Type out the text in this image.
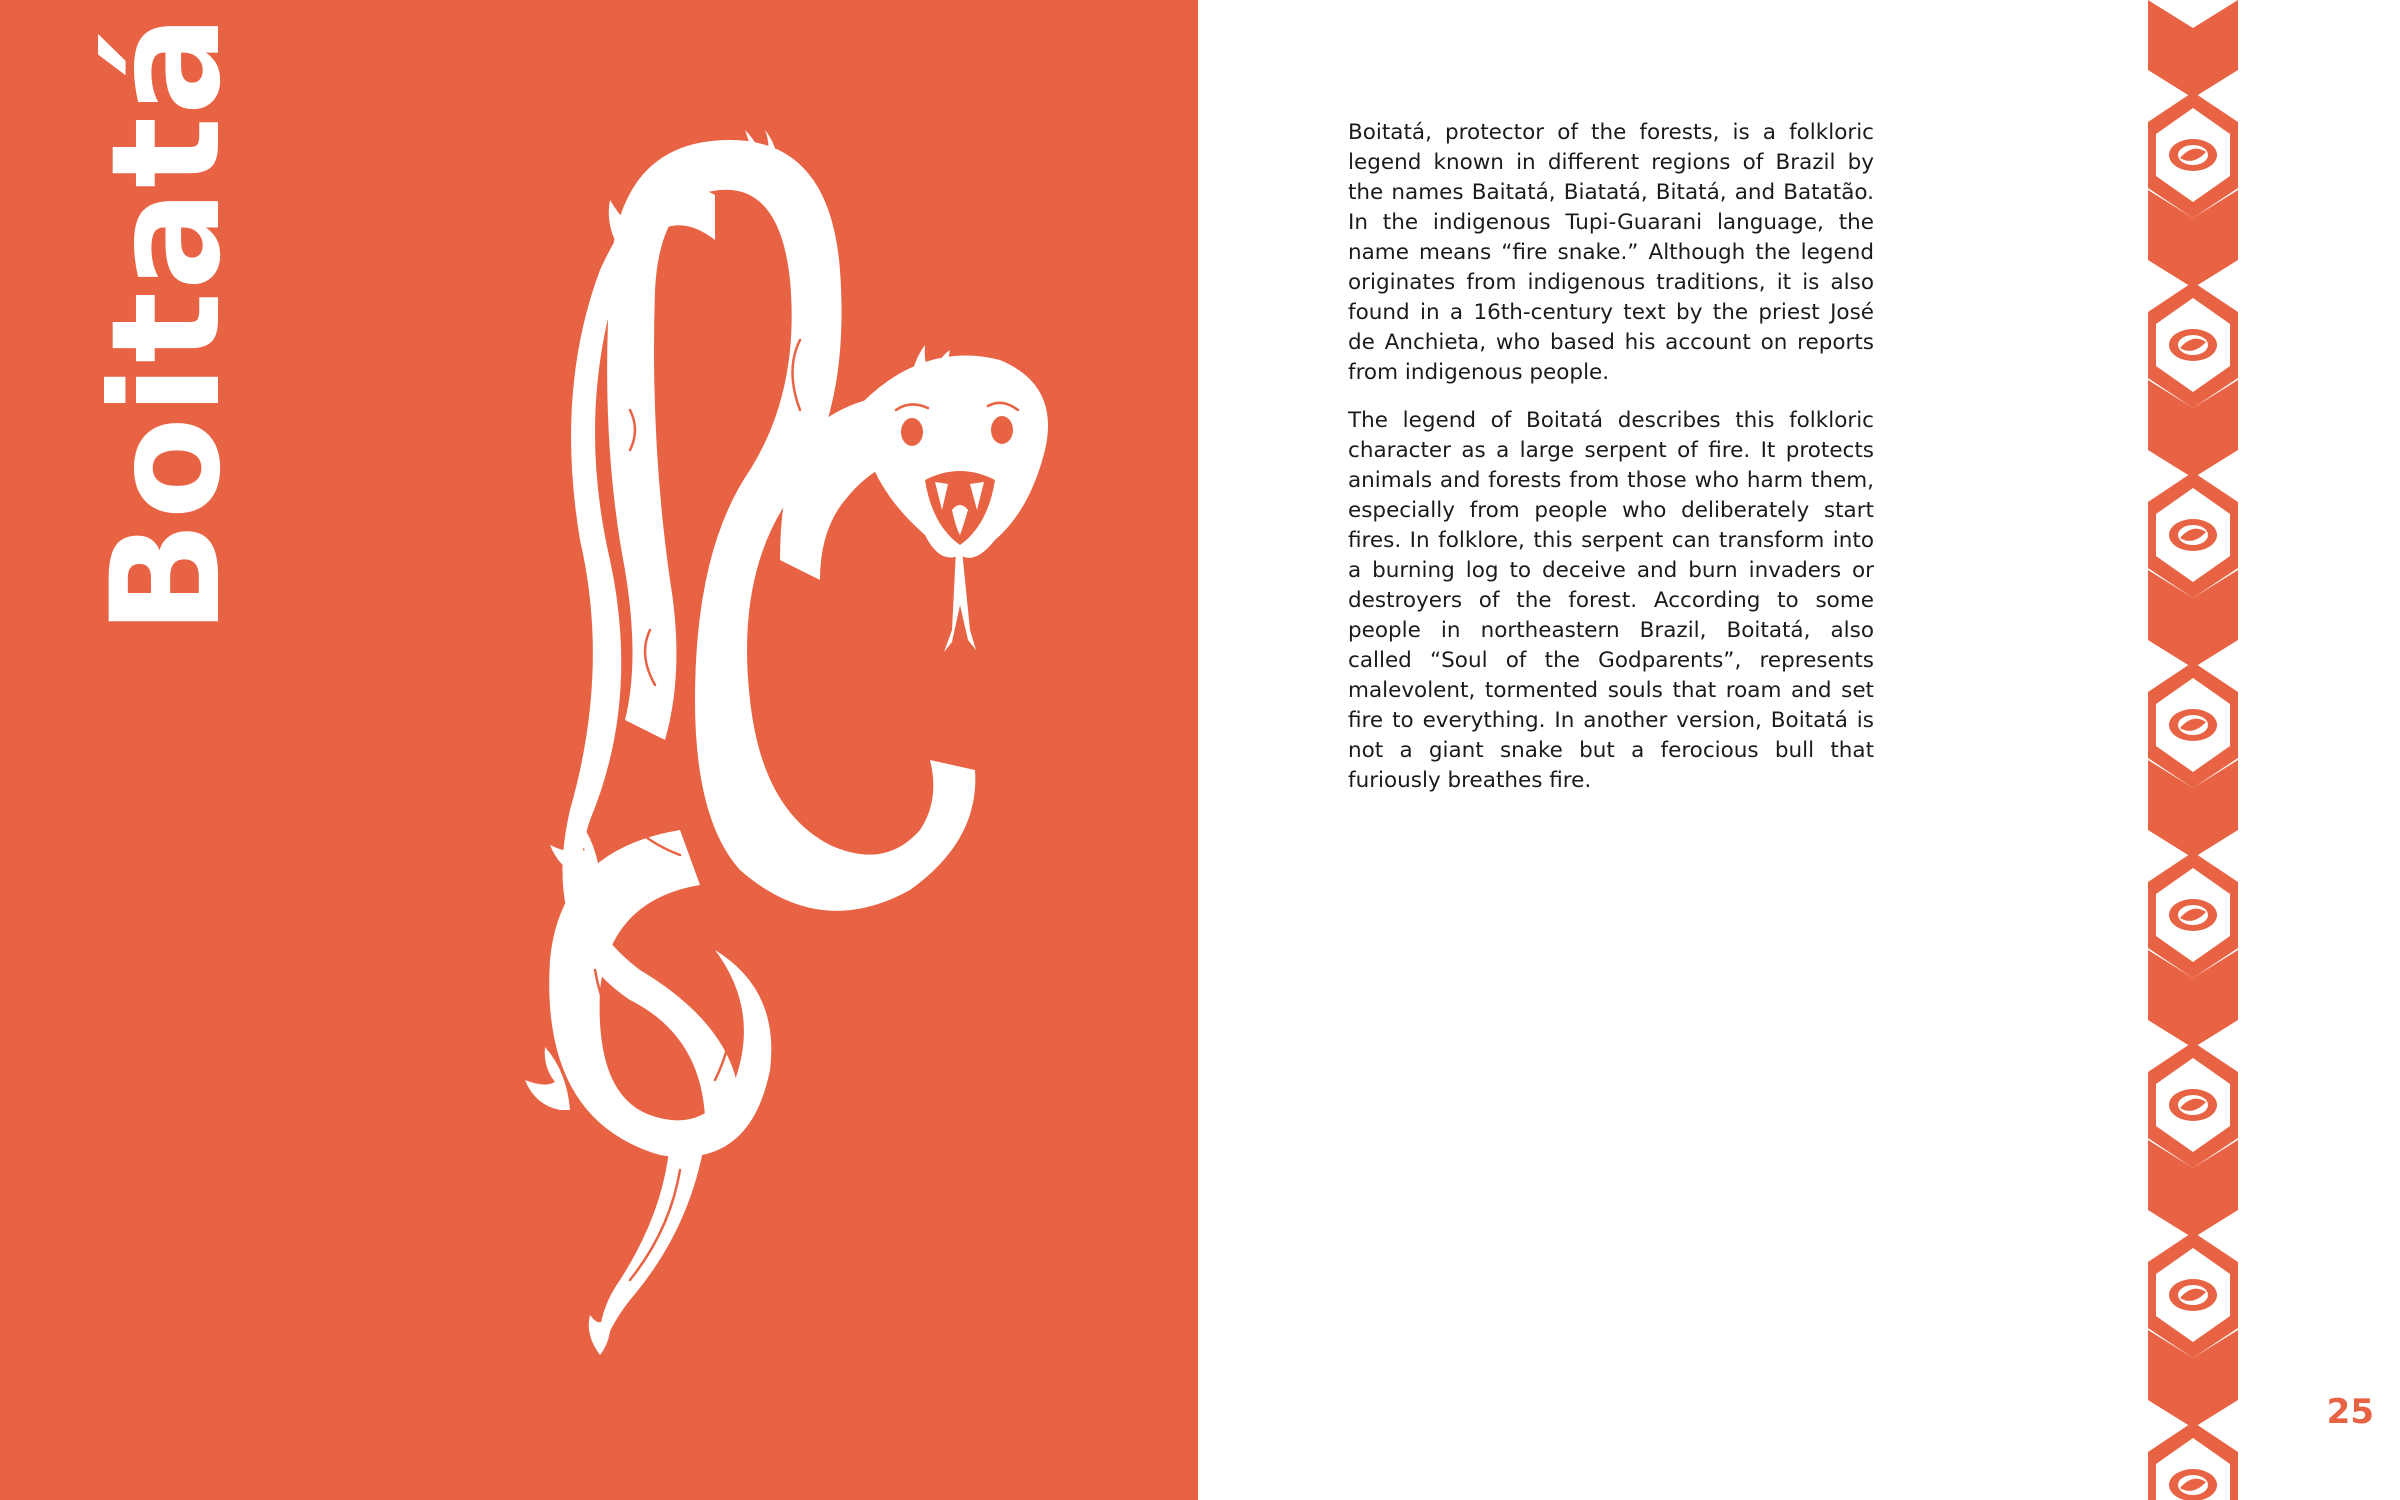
Boitatá	Boitatá, protector of the forests, is a folkloric legend known in different regions of Brazil by the names Baitatá, Biatatá, Bitatá, and Batatão. In the indigenous Tupi-Guarani language, the name means “fire snake.” Although the legend originates from indigenous traditions, it is also found in a 16th-century text by the priest José de Anchieta, who based his account on reports from indigenous people.

The legend of Boitatá describes this folkloric character as a large serpent of fire. It protects animals and forests from those who harm them, especially from people who deliberately start fires. In folklore, this serpent can transform into a burning log to deceive and burn invaders or destroyers of the forest. According to some people in northeastern Brazil, Boitatá, also called “Soul of the Godparents”, represents malevolent, tormented souls that roam and set fire to everything. In another version, Boitatá is not a giant snake but a ferocious bull that furiously breathes fire.

25
